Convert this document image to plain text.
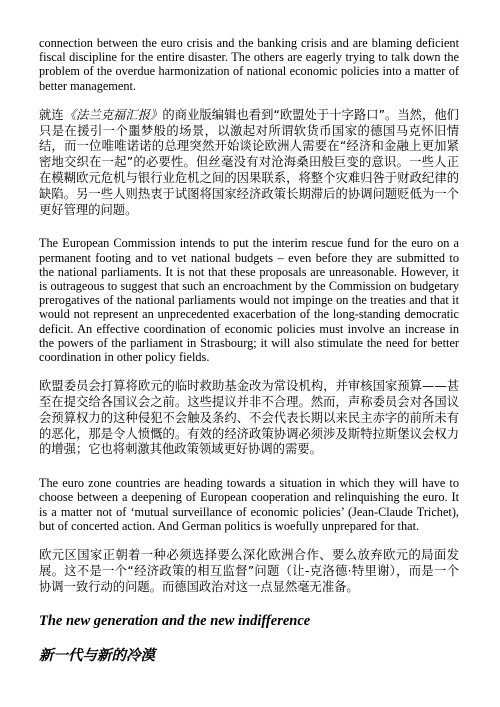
connection between the euro crisis and the banking crisis and are blaming deficient fiscal discipline for the entire disaster. The others are eagerly trying to talk down the problem of the overdue harmonization of national economic policies into a matter of better management.

就连《法兰克福汇报》的商业版编辑也看到“欧盟处于十字路口”。当然，他们只是在援引一个噩梦般的场景，以激起对所谓软货币国家的德国马克怀旧情结，而一位唯唯诺诺的总理突然开始谈论欧洲人需要在“经济和金融上更加紧密地交织在一起”的必要性。但丝毫没有对沧海桑田般巨变的意识。一些人正在模糊欧元危机与银行业危机之间的因果联系，将整个灾难归咎于财政纪律的缺陷。另一些人则热衷于试图将国家经济政策长期滞后的协调问题贬低为一个更好管理的问题。

The European Commission intends to put the interim rescue fund for the euro on a permanent footing and to vet national budgets – even before they are submitted to the national parliaments. It is not that these proposals are unreasonable. However, it is outrageous to suggest that such an encroachment by the Commission on budgetary prerogatives of the national parliaments would not impinge on the treaties and that it would not represent an unprecedented exacerbation of the long-standing democratic deficit. An effective coordination of economic policies must involve an increase in the powers of the parliament in Strasbourg; it will also stimulate the need for better coordination in other policy fields.

欧盟委员会打算将欧元的临时救助基金改为常设机构，并审核国家预算——甚至在提交给各国议会之前。这些提议并非不合理。然而，声称委员会对各国议会预算权力的这种侵犯不会触及条约、不会代表长期以来民主赤字的前所未有的恶化，那是令人愤慨的。有效的经济政策协调必须涉及斯特拉斯堡议会权力的增强；它也将刺激其他政策领域更好协调的需要。

The euro zone countries are heading towards a situation in which they will have to choose between a deepening of European cooperation and relinquishing the euro. It is a matter not of ‘mutual surveillance of economic policies’ (Jean-Claude Trichet), but of concerted action. And German politics is woefully unprepared for that.

欧元区国家正朝着一种必须选择要么深化欧洲合作、要么放弃欧元的局面发展。这不是一个“经济政策的相互监督”问题（让-克洛德·特里谢），而是一个协调一致行动的问题。而德国政治对这一点显然毫无准备。

The new generation and the new indifference
新一代与新的冷漠
